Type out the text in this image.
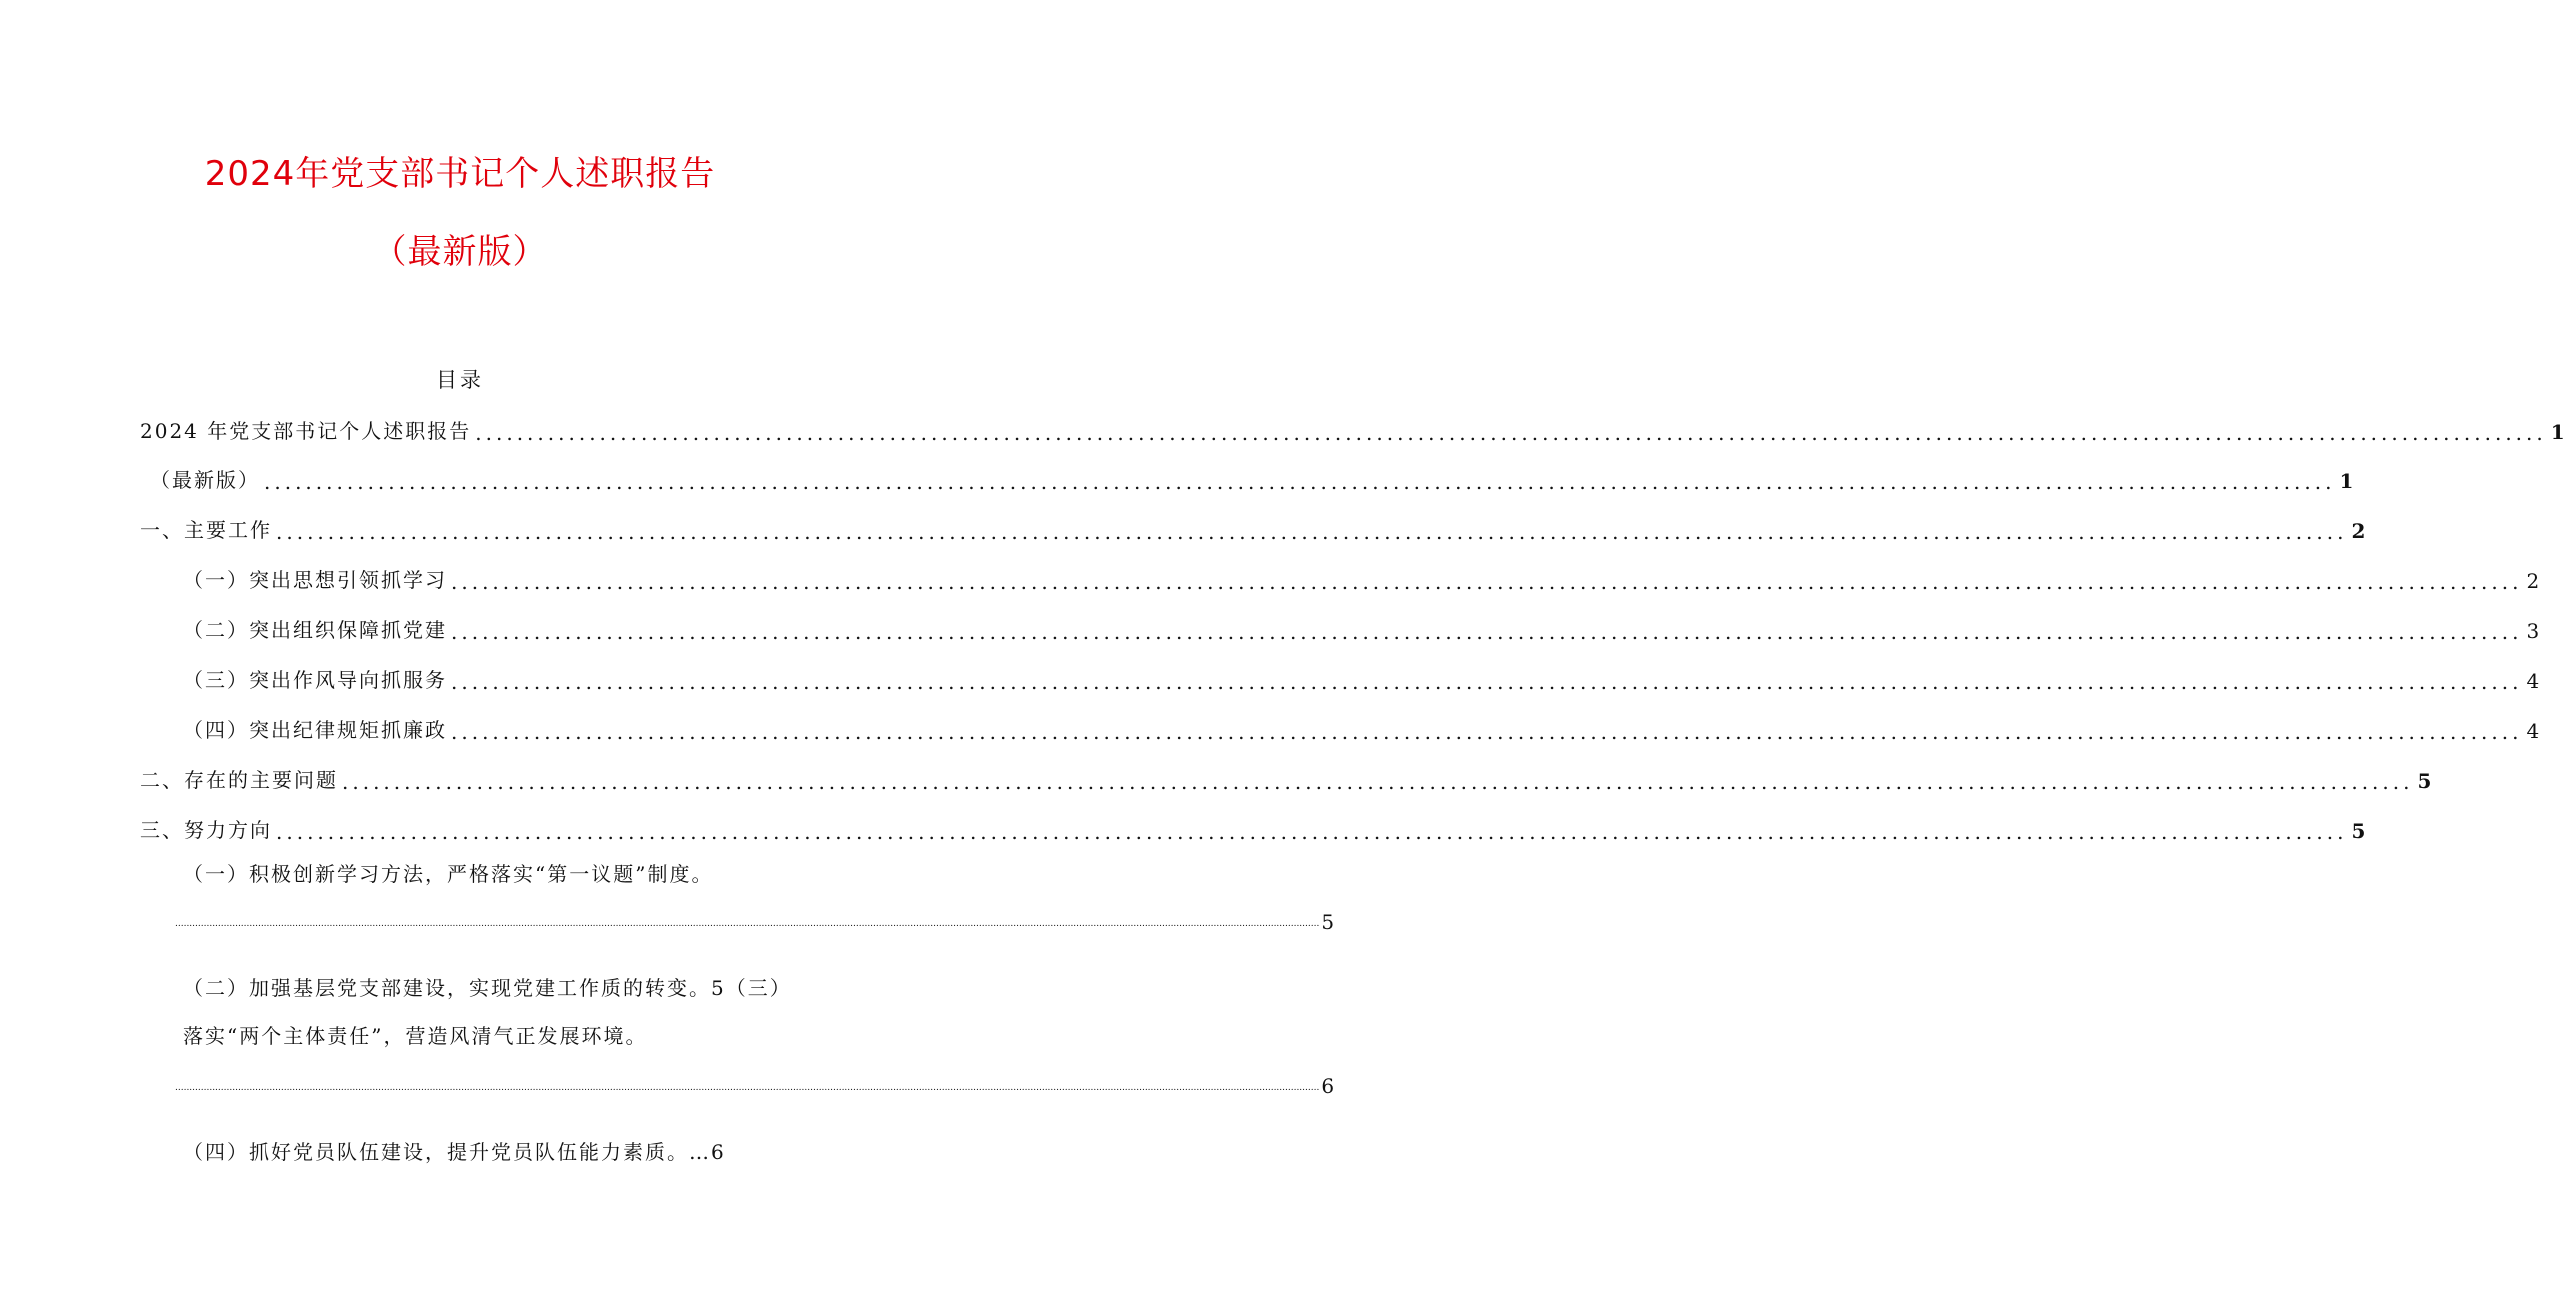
2024年党支部书记个人述职报告
（最新版）
目录
2024 年党支部书记个人述职报告 ........................................................................................................................................................................................................ 1
（最新版） ........................................................................................................................................................................................................ 1
一、主要工作 ........................................................................................................................................................................................................ 2
（一）突出思想引领抓学习 ........................................................................................................................................................................................................ 2
（二）突出组织保障抓党建 ........................................................................................................................................................................................................ 3
（三）突出作风导向抓服务 ........................................................................................................................................................................................................ 4
（四）突出纪律规矩抓廉政 ........................................................................................................................................................................................................ 4
二、存在的主要问题 ........................................................................................................................................................................................................ 5
三、努力方向 ........................................................................................................................................................................................................ 5
（一）积极创新学习方法，严格落实“第一议题”制度。
................................................................................................................................................................................................................................................................................................................................................................................................................ 5
（二）加强基层党支部建设，实现党建工作质的转变。5（三）
落实“两个主体责任”，营造风清气正发展环境。
................................................................................................................................................................................................................................................................................................................................................................................................................ 6
（四）抓好党员队伍建设，提升党员队伍能力素质。…6
